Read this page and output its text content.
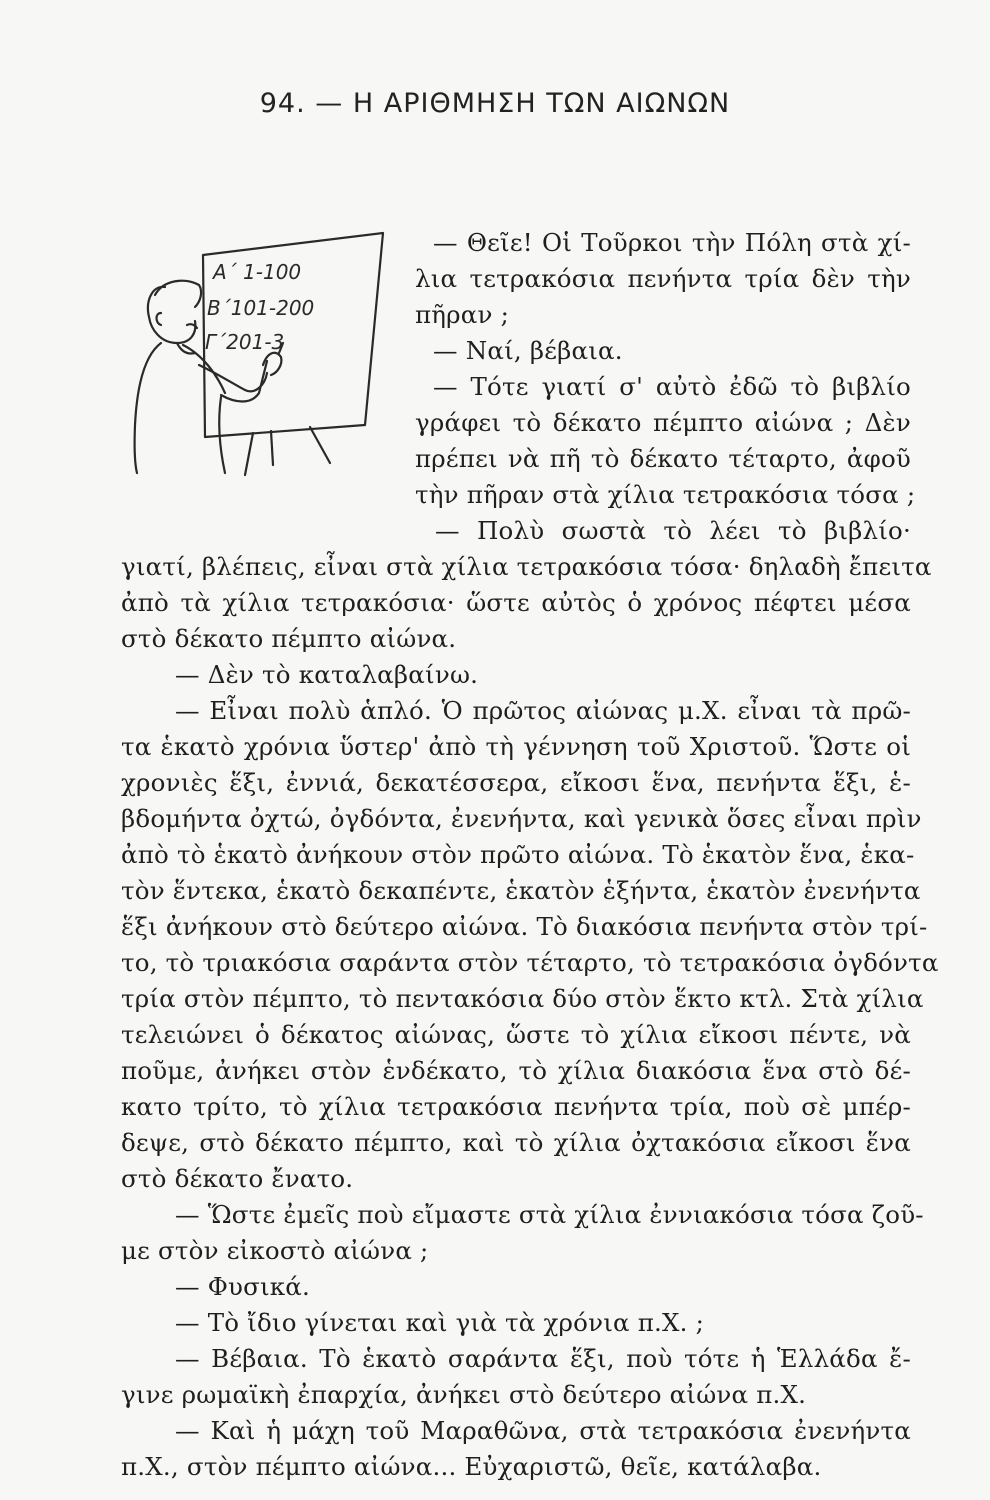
94. — Η ΑΡΙΘΜΗΣΗ ΤΩΝ ΑΙΩΝΩΝ
Α΄ 1-100
Β΄101-200
Γ΄201-3
— Θεῖε! Οἱ Τοῦρκοι τὴν Πόλη στὰ χί-
λια τετρακόσια πενήντα τρία δὲν τὴν
πῆραν ;
— Ναί, βέβαια.
— Τότε γιατί σ' αὐτὸ ἐδῶ τὸ βιβλίο
γράφει τὸ δέκατο πέμπτο αἰώνα ; Δὲν
πρέπει νὰ πῆ τὸ δέκατο τέταρτο, ἀφοῦ
τὴν πῆραν στὰ χίλια τετρακόσια τόσα ;
— Πολὺ σωστὰ τὸ λέει τὸ βιβλίο·
γιατί, βλέπεις, εἶναι στὰ χίλια τετρακόσια τόσα· δηλαδὴ ἔπειτα
ἀπὸ τὰ χίλια τετρακόσια· ὥστε αὐτὸς ὁ χρόνος πέφτει μέσα
στὸ δέκατο πέμπτο αἰώνα.
— Δὲν τὸ καταλαβαίνω.
— Εἶναι πολὺ ἁπλό. Ὁ πρῶτος αἰώνας μ.Χ. εἶναι τὰ πρῶ-
τα ἑκατὸ χρόνια ὕστερ' ἀπὸ τὴ γέννηση τοῦ Χριστοῦ. Ὥστε οἱ
χρονιὲς ἕξι, ἐννιά, δεκατέσσερα, εἴκοσι ἕνα, πενήντα ἕξι, ἑ-
βδομήντα ὀχτώ, ὀγδόντα, ἐνενήντα, καὶ γενικὰ ὅσες εἶναι πρὶν
ἀπὸ τὸ ἑκατὸ ἀνήκουν στὸν πρῶτο αἰώνα. Τὸ ἑκατὸν ἕνα, ἑκα-
τὸν ἕντεκα, ἑκατὸ δεκαπέντε, ἑκατὸν ἑξήντα, ἑκατὸν ἐνενήντα
ἕξι ἀνήκουν στὸ δεύτερο αἰώνα. Τὸ διακόσια πενήντα στὸν τρί-
το, τὸ τριακόσια σαράντα στὸν τέταρτο, τὸ τετρακόσια ὀγδόντα
τρία στὸν πέμπτο, τὸ πεντακόσια δύο στὸν ἕκτο κτλ. Στὰ χίλια
τελειώνει ὁ δέκατος αἰώνας, ὥστε τὸ χίλια εἴκοσι πέντε, νὰ
ποῦμε, ἀνήκει στὸν ἑνδέκατο, τὸ χίλια διακόσια ἕνα στὸ δέ-
κατο τρίτο, τὸ χίλια τετρακόσια πενήντα τρία, ποὺ σὲ μπέρ-
δεψε, στὸ δέκατο πέμπτο, καὶ τὸ χίλια ὀχτακόσια εἴκοσι ἕνα
στὸ δέκατο ἔνατο.
— Ὥστε ἐμεῖς ποὺ εἴμαστε στὰ χίλια ἐννιακόσια τόσα ζοῦ-
με στὸν εἰκοστὸ αἰώνα ;
— Φυσικά.
— Τὸ ἴδιο γίνεται καὶ γιὰ τὰ χρόνια π.Χ. ;
— Βέβαια. Τὸ ἑκατὸ σαράντα ἕξι, ποὺ τότε ἡ Ἑλλάδα ἔ-
γινε ρωμαϊκὴ ἐπαρχία, ἀνήκει στὸ δεύτερο αἰώνα π.Χ.
— Καὶ ἡ μάχη τοῦ Μαραθῶνα, στὰ τετρακόσια ἐνενήντα
π.Χ., στὸν πέμπτο αἰώνα... Εὐχαριστῶ, θεῖε, κατάλαβα.
